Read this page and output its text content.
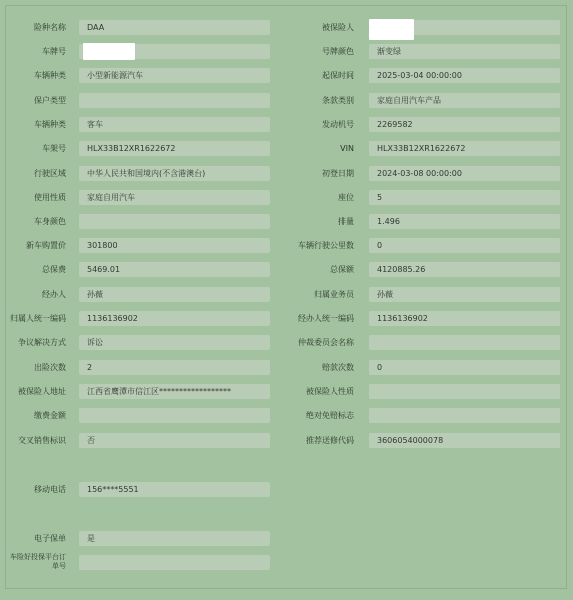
险种名称	DAA
车牌号
车辆种类	小型新能源汽车
保户类型
车辆种类	客车
车架号	HLX33B12XR1622672
行驶区域	中华人民共和国境内(不含港澳台)
使用性质	家庭自用汽车
车身颜色
新车购置价	301800
总保费	5469.01
经办人	孙薇
归属人统一编码	1136136902
争议解决方式	诉讼
出险次数	2
被保险人地址	江西省鹰潭市信江区******************
缴费金额
交叉销售标识	否
移动电话	156****5551
电子保单	是
车险好投保平台订单号
被保险人
号牌颜色	渐变绿
起保时间	2025-03-04 00:00:00
条款类别	家庭自用汽车产品
发动机号	2269582
VIN	HLX33B12XR1622672
初登日期	2024-03-08 00:00:00
座位	5
排量	1.496
车辆行驶公里数	0
总保额	4120885.26
归属业务员	孙薇
经办人统一编码	1136136902
仲裁委员会名称
赔款次数	0
被保险人性质
绝对免赔标志
推荐送修代码	3606054000078
